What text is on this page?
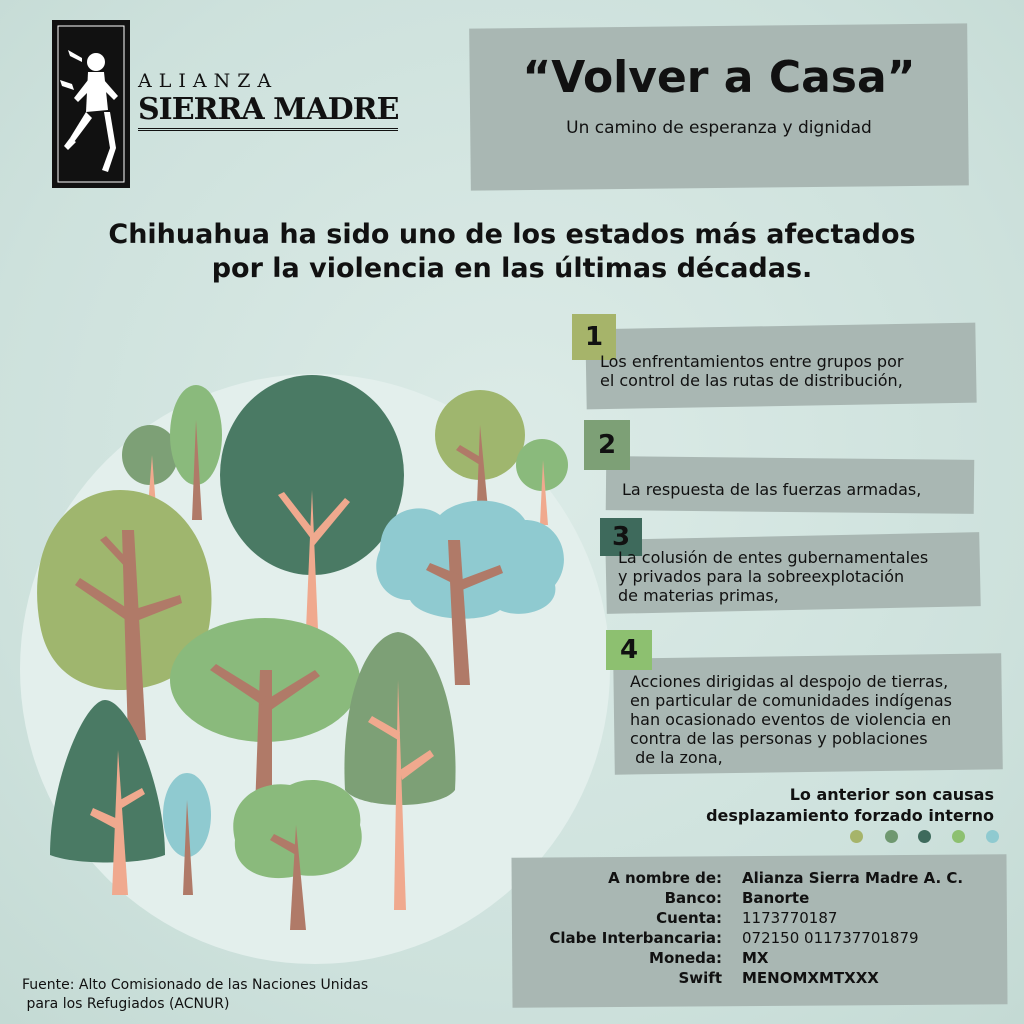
ALIANZA
SIERRA MADRE
“Volver a Casa”
Un camino de esperanza y dignidad
Chihuahua ha sido uno de los estados más afectados
por la violencia en las últimas décadas.
1
Los enfrentamientos entre grupos por
el control de las rutas de distribución,
2
La respuesta de las fuerzas armadas,
3
La colusión de entes gubernamentales
y privados para la sobreexplotación
de materias primas,
4
Acciones dirigidas al despojo de tierras,
en particular de comunidades indígenas
han ocasionado eventos de violencia en
contra de las personas y poblaciones
de la zona,
Lo anterior son causas
desplazamiento forzado interno
A nombre de: Alianza Sierra Madre A. C.
Banco: Banorte
Cuenta: 1173770187
Clabe Interbancaria: 072150 011737701879
Moneda: MX
Swift MENOMXMTXXX
Fuente: Alto Comisionado de las Naciones Unidas
para los Refugiados (ACNUR)
